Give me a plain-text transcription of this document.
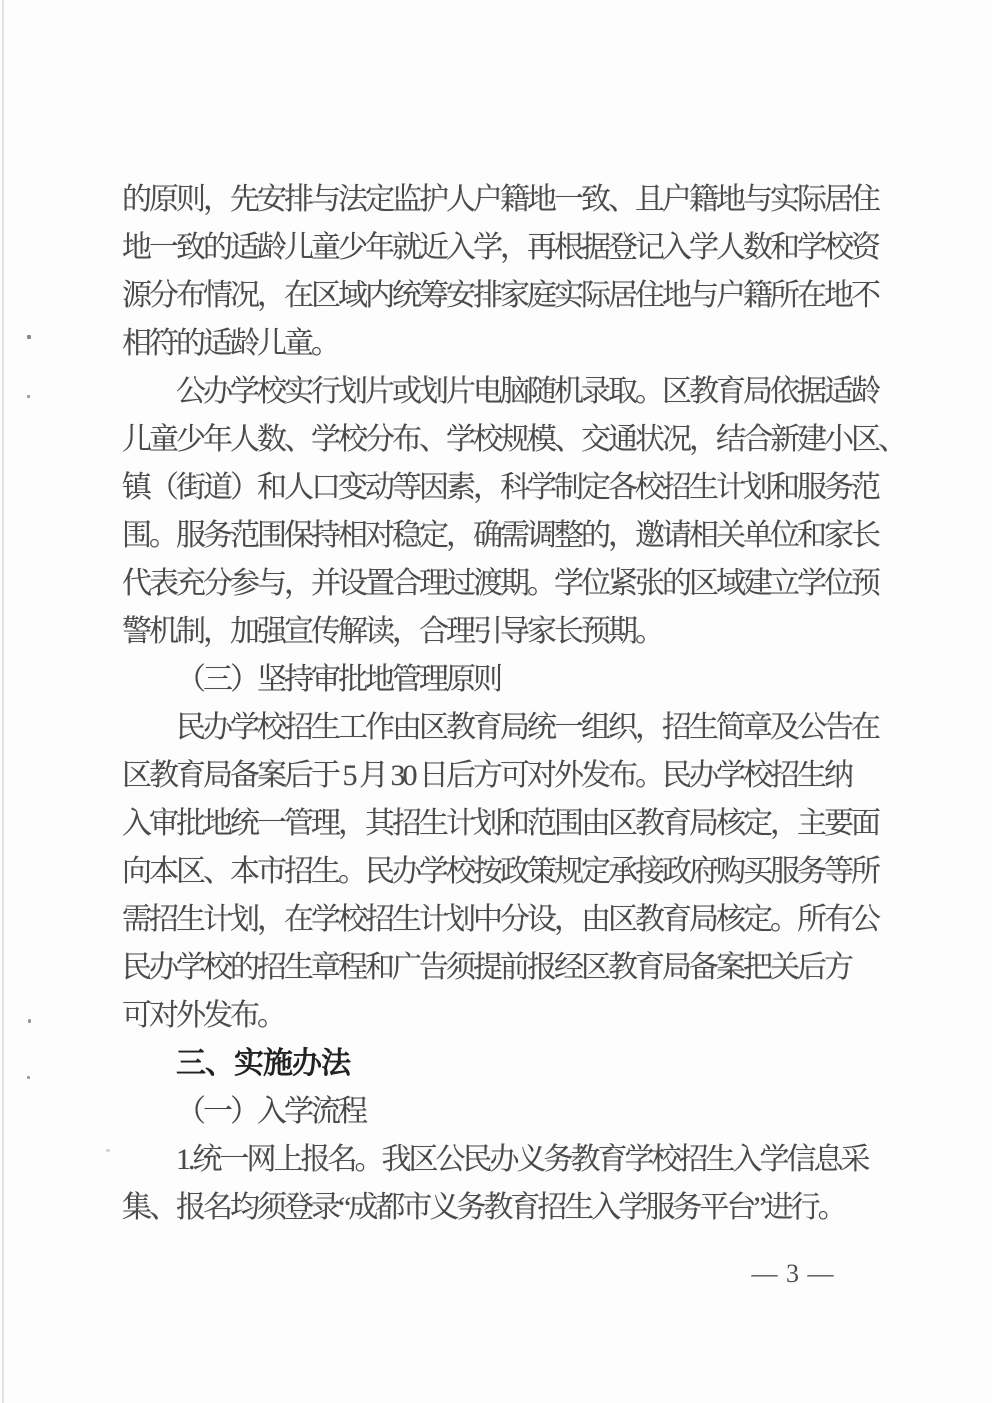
的原则，先安排与法定监护人户籍地一致、且户籍地与实际居住
地一致的适龄儿童少年就近入学，再根据登记入学人数和学校资
源分布情况，在区域内统筹安排家庭实际居住地与户籍所在地不
相符的适龄儿童。
公办学校实行划片或划片电脑随机录取。区教育局依据适龄
儿童少年人数、学校分布、学校规模、交通状况，结合新建小区、
镇（街道）和人口变动等因素，科学制定各校招生计划和服务范
围。服务范围保持相对稳定，确需调整的，邀请相关单位和家长
代表充分参与，并设置合理过渡期。学位紧张的区域建立学位预
警机制，加强宣传解读，合理引导家长预期。
（三）坚持审批地管理原则
民办学校招生工作由区教育局统一组织，招生简章及公告在
区教育局备案后于 5 月 30 日后方可对外发布。民办学校招生纳
入审批地统一管理，其招生计划和范围由区教育局核定，主要面
向本区、本市招生。民办学校按政策规定承接政府购买服务等所
需招生计划，在学校招生计划中分设，由区教育局核定。所有公
民办学校的招生章程和广告须提前报经区教育局备案把关后方
可对外发布。
三、实施办法
（一）入学流程
1.统一网上报名。我区公民办义务教育学校招生入学信息采
集、报名均须登录“成都市义务教育招生入学服务平台”进行。
— 3 —
